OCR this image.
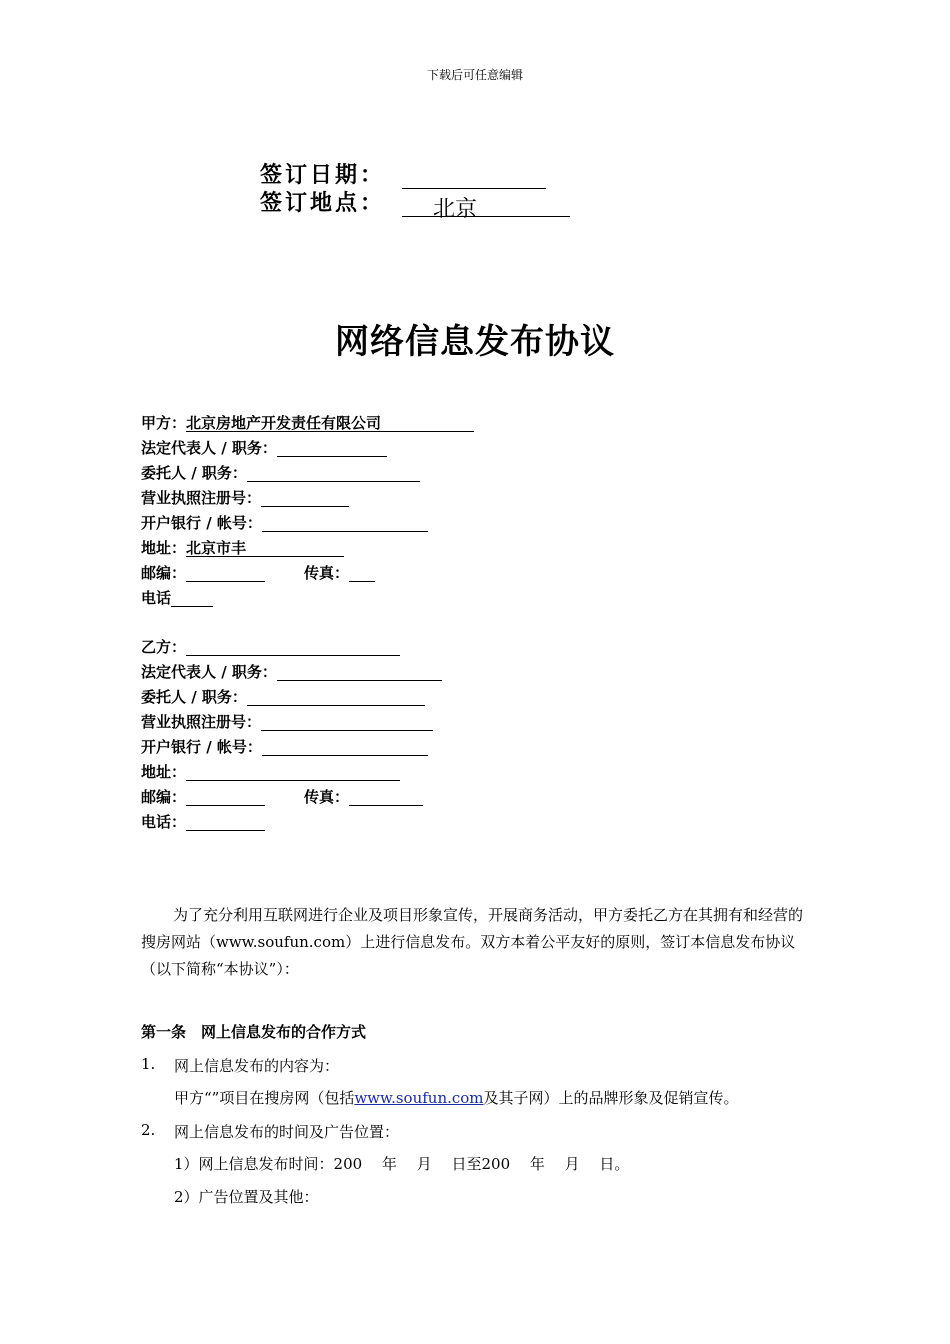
下载后可任意编辑
签订日期：
签订地点： 北京
网络信息发布协议
甲方：北京房地产开发责任有限公司
法定代表人 / 职务：
委托人 / 职务：
营业执照注册号：
开户银行 / 帐号：
地址：北京市丰
邮编：	传真：
电话
乙方：
法定代表人 / 职务：
委托人 / 职务：
营业执照注册号：
开户银行 / 帐号：
地址：
邮编：	传真：
电话：
为了充分利用互联网进行企业及项目形象宣传，开展商务活动，甲方委托乙方在其拥有和经营的搜房网站（www.soufun.com）上进行信息发布。双方本着公平友好的原则，签订本信息发布协议（以下简称“本协议”）：
第一条　网上信息发布的合作方式
1. 网上信息发布的内容为：
甲方“”项目在搜房网（包括www.soufun.com及其子网）上的品牌形象及促销宣传。
2. 网上信息发布的时间及广告位置：
1）网上信息发布时间：200　 年　 月　 日至200　 年　 月　 日。
2）广告位置及其他：
